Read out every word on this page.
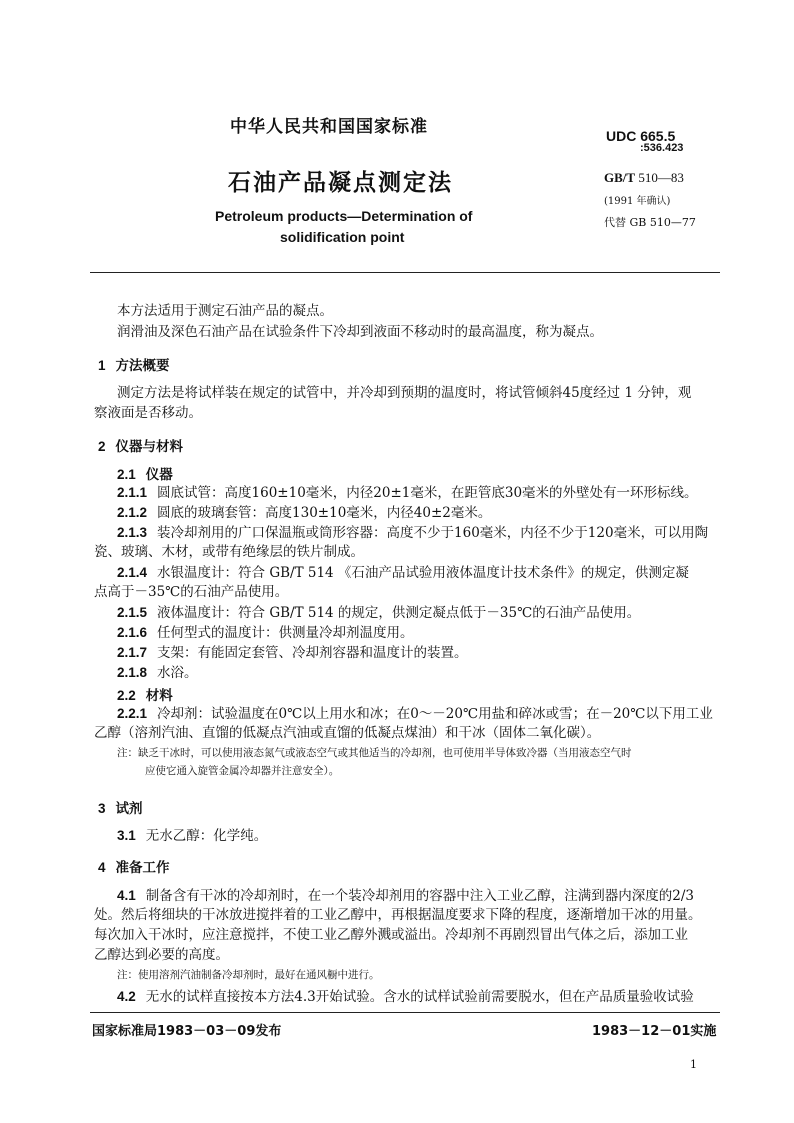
中华人民共和国国家标准	UDC 665.5
:536.423
石油产品凝点测定法	GB/T 510—83
(1991 年确认)
代替 GB 510—77
Petroleum products—Determination of
solidification point
本方法适用于测定石油产品的凝点。
润滑油及深色石油产品在试验条件下冷却到液面不移动时的最高温度，称为凝点。
1 方法概要
测定方法是将试样装在规定的试管中，并冷却到预期的温度时，将试管倾斜45度经过 1 分钟，观
察液面是否移动。
2 仪器与材料
2.1 仪器
2.1.1 圆底试管：高度160±10毫米，内径20±1毫米，在距管底30毫米的外壁处有一环形标线。
2.1.2 圆底的玻璃套管：高度130±10毫米，内径40±2毫米。
2.1.3 装冷却剂用的广口保温瓶或筒形容器：高度不少于160毫米，内径不少于120毫米，可以用陶
瓷、玻璃、木材，或带有绝缘层的铁片制成。
2.1.4 水银温度计：符合 GB/T 514 《石油产品试验用液体温度计技术条件》的规定，供测定凝
点高于－35℃的石油产品使用。
2.1.5 液体温度计：符合 GB/T 514 的规定，供测定凝点低于－35℃的石油产品使用。
2.1.6 任何型式的温度计：供测量冷却剂温度用。
2.1.7 支架：有能固定套管、冷却剂容器和温度计的装置。
2.1.8 水浴。
2.2 材料
2.2.1 冷却剂：试验温度在0℃以上用水和冰；在0～－20℃用盐和碎冰或雪；在－20℃以下用工业
乙醇（溶剂汽油、直馏的低凝点汽油或直馏的低凝点煤油）和干冰（固体二氧化碳）。
注：缺乏干冰时，可以使用液态氮气或液态空气或其他适当的冷却剂，也可使用半导体致冷器（当用液态空气时
应使它通入旋管金属冷却器并注意安全）。
3 试剂
3.1 无水乙醇：化学纯。
4 准备工作
4.1 制备含有干冰的冷却剂时，在一个装冷却剂用的容器中注入工业乙醇，注满到器内深度的2/3
处。然后将细块的干冰放进搅拌着的工业乙醇中，再根据温度要求下降的程度，逐渐增加干冰的用量。
每次加入干冰时，应注意搅拌，不使工业乙醇外溅或溢出。冷却剂不再剧烈冒出气体之后，添加工业
乙醇达到必要的高度。
注：使用溶剂汽油制备冷却剂时，最好在通风橱中进行。
4.2 无水的试样直接按本方法4.3开始试验。含水的试样试验前需要脱水，但在产品质量验收试验
国家标准局1983－03－09发布	1983－12－01实施
1
